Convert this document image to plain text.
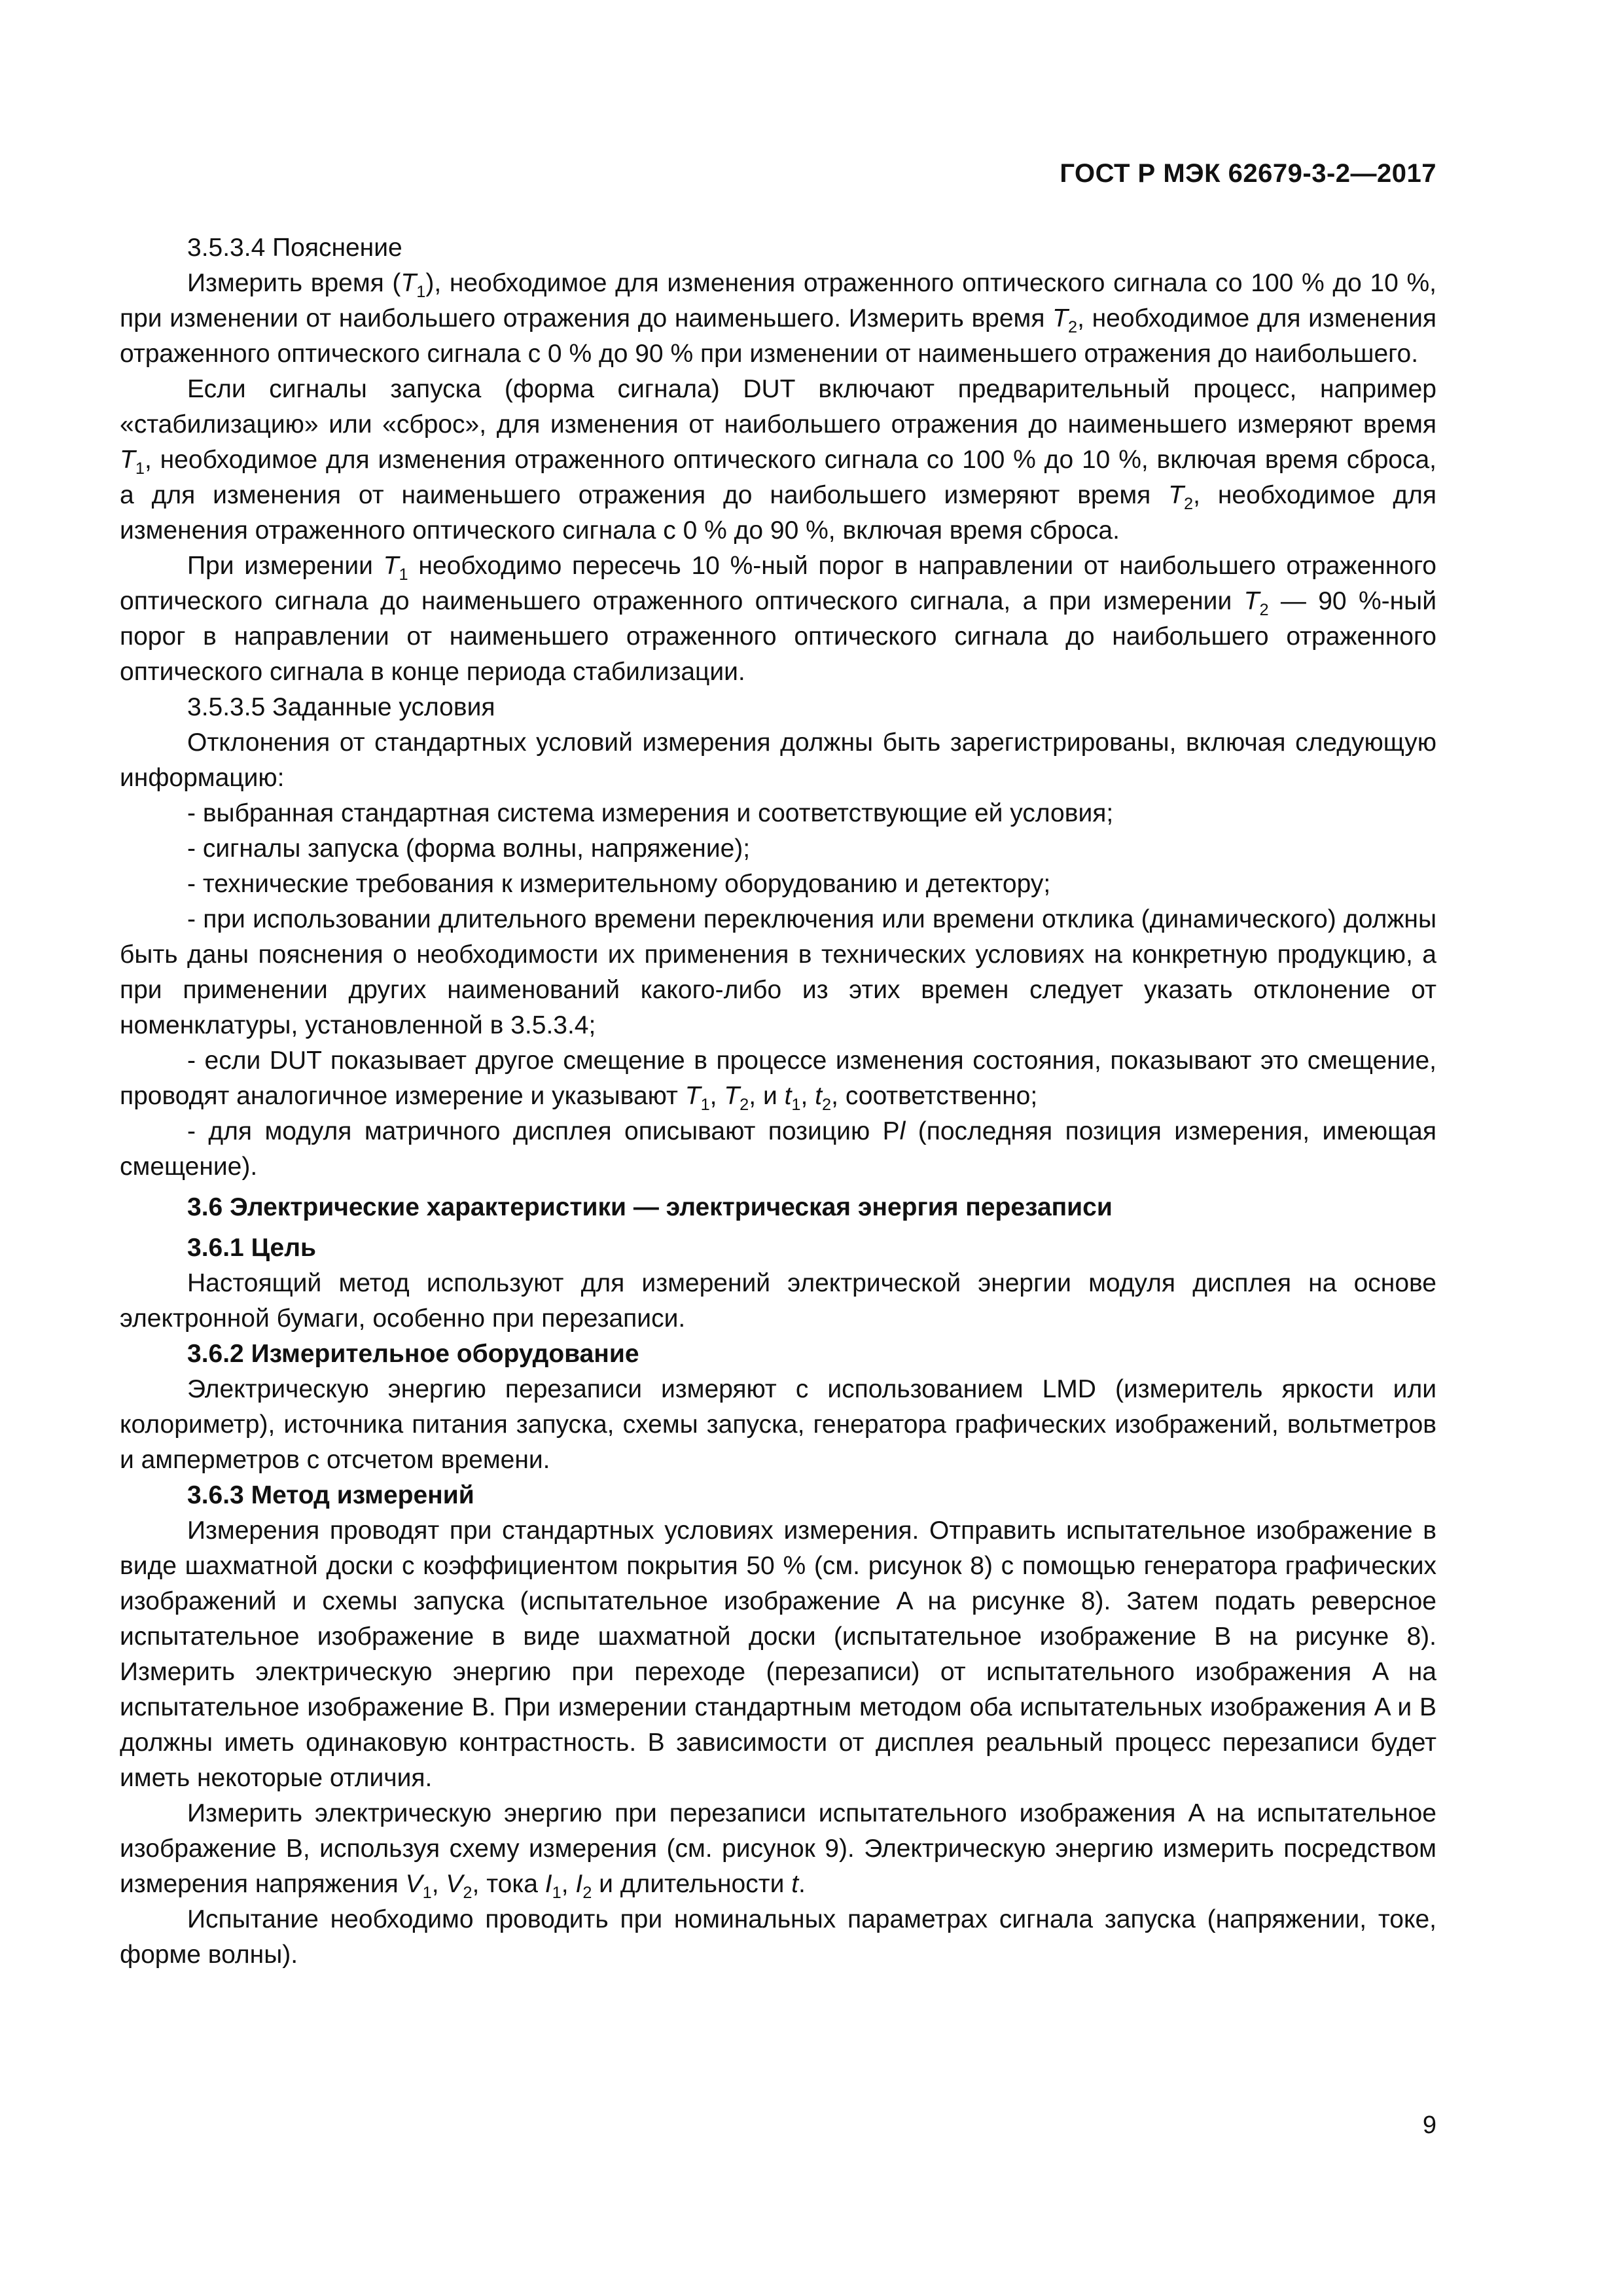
ГОСТ Р МЭК 62679-3-2—2017

3.5.3.4 Пояснение

Измерить время $(T_1)$, необходимое для изменения отраженного оптического сигнала со 100 % до 10 %, при изменении от наибольшего отражения до наименьшего. Измерить время $T_2$, необходимое для изменения отраженного оптического сигнала с 0 % до 90 % при изменении от наименьшего отражения до наибольшего.

Если сигналы запуска (форма сигнала) DUT включают предварительный процесс, например «стабилизацию» или «сброс», для изменения от наибольшего отражения до наименьшего измеряют время $T_1$, необходимое для изменения отраженного оптического сигнала со 100 % до 10 %, включая время сброса, а для изменения от наименьшего отражения до наибольшего измеряют время $T_2$, необходимое для изменения отраженного оптического сигнала с 0 % до 90 %, включая время сброса.

При измерении $T_1$ необходимо пересечь 10 %-ный порог в направлении от наибольшего отраженного оптического сигнала до наименьшего отраженного оптического сигнала, а при измерении $T_2$ — 90 %-ный порог в направлении от наименьшего отраженного оптического сигнала до наибольшего отраженного оптического сигнала в конце периода стабилизации.

3.5.3.5 Заданные условия

Отклонения от стандартных условий измерения должны быть зарегистрированы, включая следующую информацию:

- выбранная стандартная система измерения и соответствующие ей условия;

- сигналы запуска (форма волны, напряжение);

- технические требования к измерительному оборудованию и детектору;

- при использовании длительного времени переключения или времени отклика (динамического) должны быть даны пояснения о необходимости их применения в технических условиях на конкретную продукцию, а при применении других наименований какого-либо из этих времен следует указать отклонение от номенклатуры, установленной в 3.5.3.4;

- если DUT показывает другое смещение в процессе изменения состояния, показывают это смещение, проводят аналогичное измерение и указывают $T_1$, $T_2$, и $t_1$, $t_2$, соответственно;

- для модуля матричного дисплея описывают позицию Pl (последняя позиция измерения, имеющая смещение).

3.6 Электрические характеристики — электрическая энергия перезаписи

3.6.1 Цель

Настоящий метод используют для измерений электрической энергии модуля дисплея на основе электронной бумаги, особенно при перезаписи.

3.6.2 Измерительное оборудование

Электрическую энергию перезаписи измеряют с использованием LMD (измеритель яркости или колориметр), источника питания запуска, схемы запуска, генератора графических изображений, вольтметров и амперметров с отсчетом времени.

3.6.3 Метод измерений

Измерения проводят при стандартных условиях измерения. Отправить испытательное изображение в виде шахматной доски с коэффициентом покрытия 50 % (см. рисунок 8) с помощью генератора графических изображений и схемы запуска (испытательное изображение A на рисунке 8). Затем подать реверсное испытательное изображение в виде шахматной доски (испытательное изображение B на рисунке 8). Измерить электрическую энергию при переходе (перезаписи) от испытательного изображения A на испытательное изображение B. При измерении стандартным методом оба испытательных изображения A и B должны иметь одинаковую контрастность. В зависимости от дисплея реальный процесс перезаписи будет иметь некоторые отличия.

Измерить электрическую энергию при перезаписи испытательного изображения A на испытательное изображение B, используя схему измерения (см. рисунок 9). Электрическую энергию измерить посредством измерения напряжения $V_1$, $V_2$, тока $I_1$, $I_2$ и длительности t.

Испытание необходимо проводить при номинальных параметрах сигнала запуска (напряжении, токе, форме волны).

9
